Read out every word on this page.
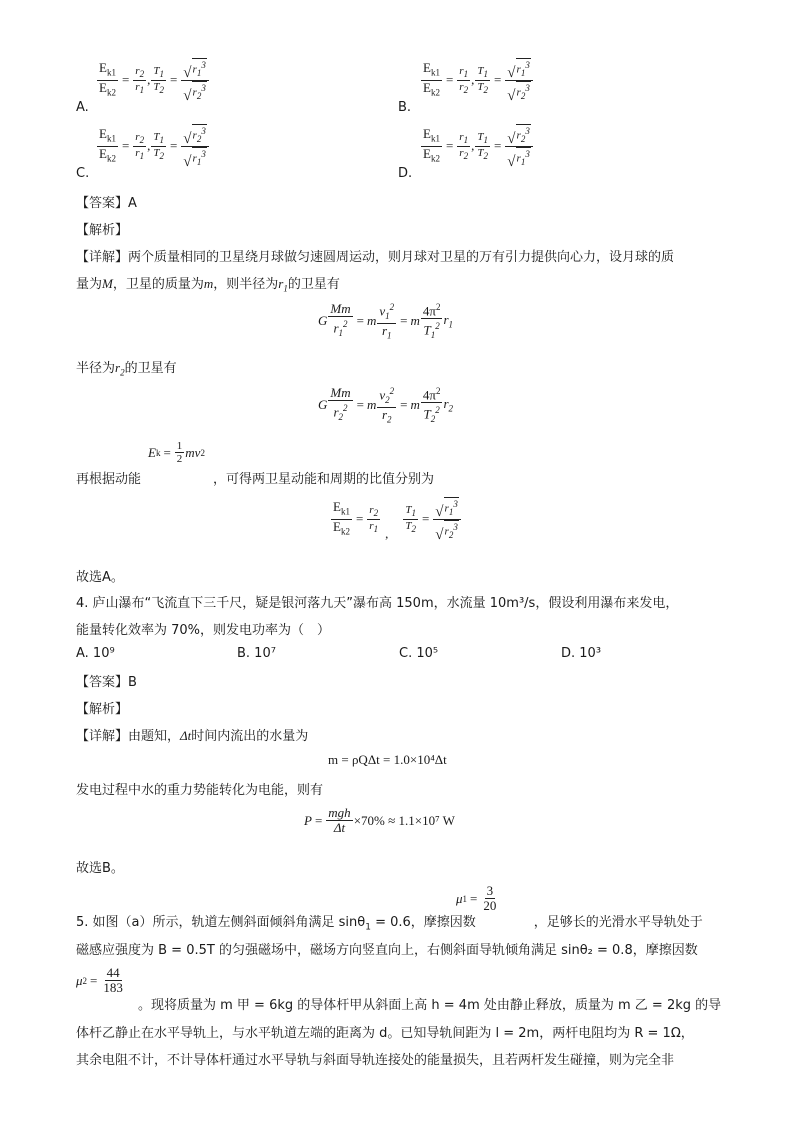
$\frac{E_{k1}}{E_{k2}} = \frac{r_2}{r_1}$ , $\frac{T_1}{T_2} = \frac{√ r_1^3}{√ r_2^3}$
A.
$\frac{E_{k1}}{E_{k2}} = \frac{r_1}{r_2}$ , $\frac{T_1}{T_2} = \frac{√ r_1^3}{√ r_2^3}$
B.
$\frac{E_{k1}}{E_{k2}} = \frac{r_2}{r_1}$ , $\frac{T_1}{T_2} = \frac{√ r_2^3}{√ r_1^3}$
C.
$\frac{E_{k1}}{E_{k2}} = \frac{r_1}{r_2}$ , $\frac{T_1}{T_2} = \frac{√ r_2^3}{√ r_1^3}$
D.
【答案】A
【解析】
【详解】两个质量相同的卫星绕月球做匀速圆周运动，则月球对卫星的万有引力提供向心力，设月球的质
量为M，卫星的质量为m，则半径为$r_1$的卫星有
G $\frac{Mm}{r_1^2} = m \frac{v_1^2}{r_1} = m \frac{4\pi^2}{T_1^2} r_1$
半径为$r_2$的卫星有
G $\frac{Mm}{r_2^2} = m \frac{v_2^2}{r_2} = m \frac{4\pi^2}{T_2^2} r_2$
E $k = \frac{1}{2}$ mv 2
再根据动能	，可得两卫星动能和周期的比值分别为
$\frac{E_{k1}}{E_{k2}} = \frac{r_2}{r_1}$ , $\frac{T_1}{T_2} = \frac{√ r_1^3}{√ r_2^3}$
故选A。
4. 庐山瀑布“飞流直下三千尺，疑是银河落九天”瀑布高 150m，水流量 10m³/s，假设利用瀑布来发电，
能量转化效率为 70%，则发电功率为（　）
A. 10⁹	B. 10⁷	C. 10⁵	D. 10³
【答案】B
【解析】
【详解】由题知，Δt时间内流出的水量为
m = ρQΔt = 1.0×10⁴Δt
发电过程中水的重力势能转化为电能，则有
$P = \frac{\text{mgh}}{\Delta t} \times 70\% \approx 1.1\times 10^7$ W
故选B。
μ $1 = \frac{3}{20}$
5. 如图（a）所示，轨道左侧斜面倾斜角满足 sinθ$_1$ = 0.6，摩擦因数	，足够长的光滑水平导轨处于
磁感应强度为 B = 0.5T 的匀强磁场中，磁场方向竖直向上，右侧斜面导轨倾角满足 sinθ₂ = 0.8，摩擦因数
μ $2 = \frac{44}{183}$
。现将质量为 m 甲 = 6kg 的导体杆甲从斜面上高 h = 4m 处由静止释放，质量为 m 乙 = 2kg 的导
体杆乙静止在水平导轨上，与水平轨道左端的距离为 d。已知导轨间距为 l = 2m，两杆电阻均为 R = 1Ω，
其余电阻不计，不计导体杆通过水平导轨与斜面导轨连接处的能量损失，且若两杆发生碰撞，则为完全非
